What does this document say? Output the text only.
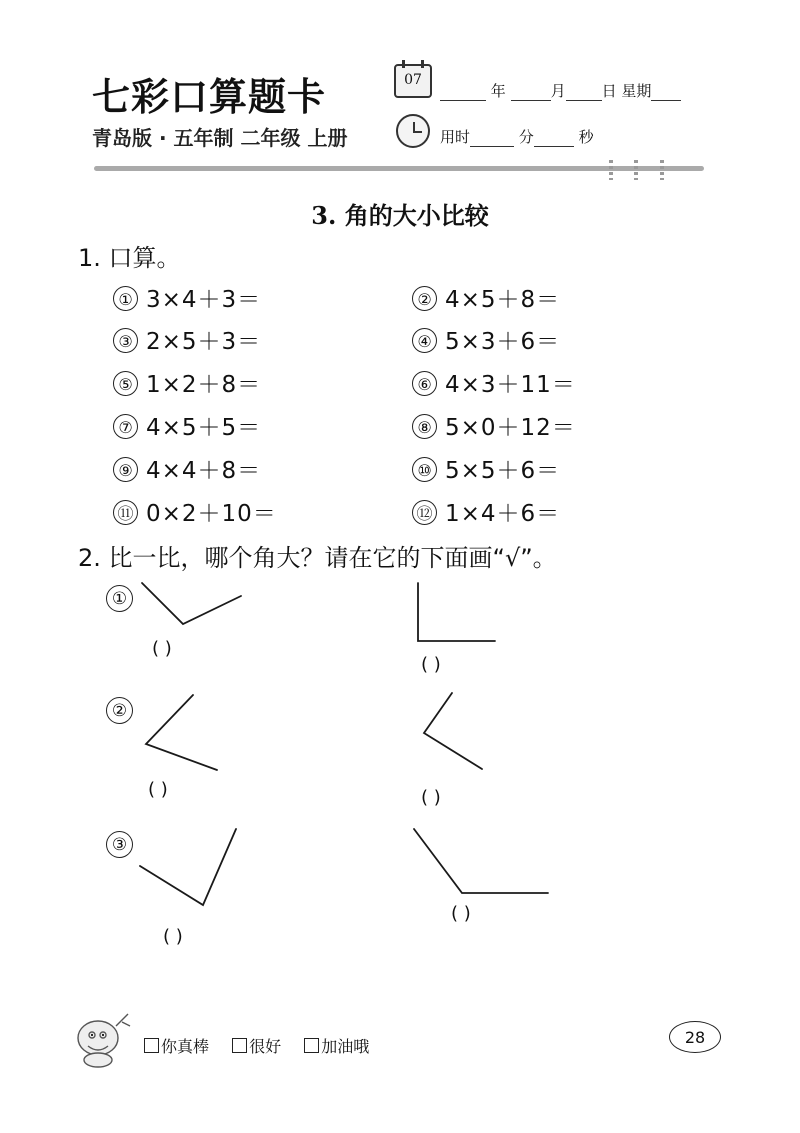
七彩口算题卡
青岛版 · 五年制 二年级 上册
07
年	月 日 星期
用时	分	秒
3. 角的大小比较
1. 口算。
① 3×4＋3＝	② 4×5＋8＝
③ 2×5＋3＝	④ 5×3＋6＝
⑤ 1×2＋8＝	⑥ 4×3＋11＝
⑦ 4×5＋5＝	⑧ 5×0＋12＝
⑨ 4×4＋8＝	⑩ 5×5＋6＝
⑪ 0×2＋10＝	⑫ 1×4＋6＝
2. 比一比，哪个角大？请在它的下面画“√”。
①
②
③
( )
( )
( )	( )
( )
( )
你真棒	很好	加油哦	28
